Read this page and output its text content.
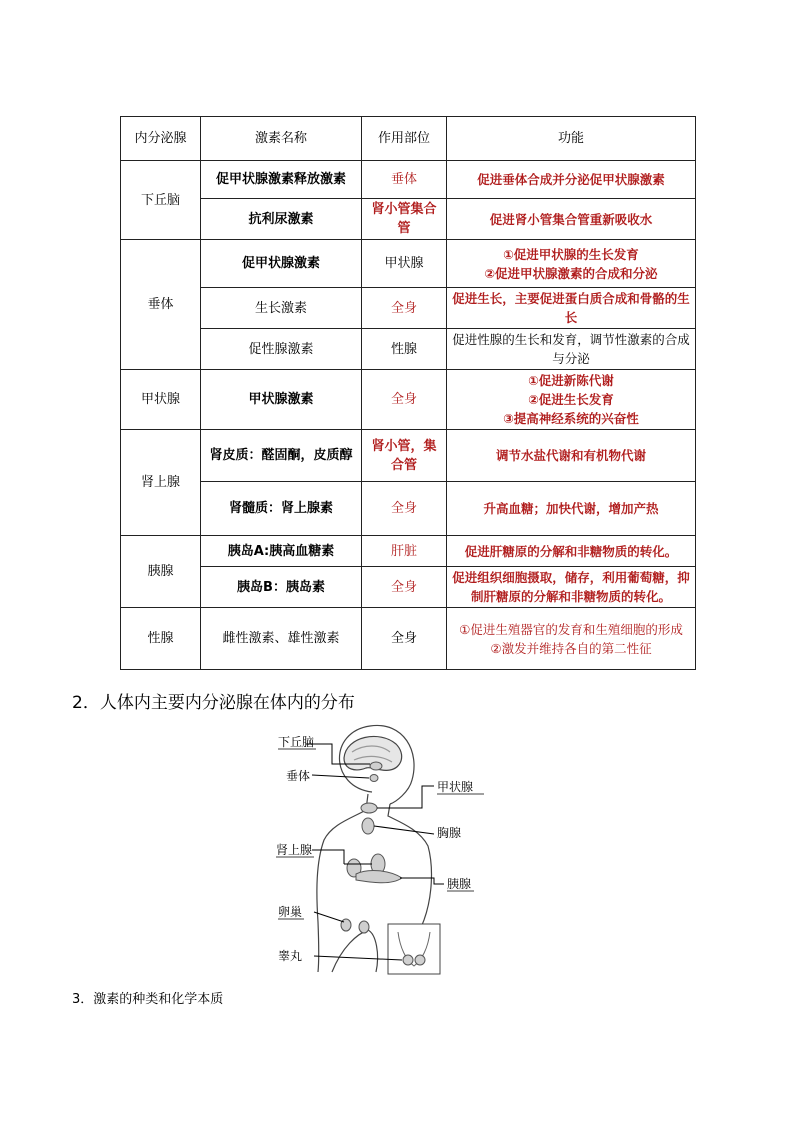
内分泌腺	激素名称	作用部位	功能
下丘脑	促甲状腺激素释放激素	垂体	促进垂体合成并分泌促甲状腺激素
	抗利尿激素	肾小管集合管	促进肾小管集合管重新吸收水
垂体	促甲状腺激素	甲状腺	①促进甲状腺的生长发育
②促进甲状腺激素的合成和分泌

	生长激素	全身	促进生长，主要促进蛋白质合成和骨骼的生长
	促性腺激素	性腺	促进性腺的生长和发育，调节性激素的合成与分泌
甲状腺	甲状腺激素	全身	①促进新陈代谢
②促进生长发育
③提高神经系统的兴奋性

肾上腺	肾皮质：醛固酮，皮质醇	肾小管，集合管	调节水盐代谢和有机物代谢
	肾髓质：肾上腺素	全身	升高血糖；加快代谢，增加产热
胰腺	胰岛A:胰高血糖素	肝脏	促进肝糖原的分解和非糖物质的转化。
	胰岛B：胰岛素	全身	促进组织细胞摄取，储存，利用葡萄糖，抑制肝糖原的分解和非糖物质的转化。
性腺	雌性激素、雄性激素	全身	①促进生殖器官的发育和生殖细胞的形成
②激发并维持各自的第二性征
2．人体内主要内分泌腺在体内的分布
下丘脑
垂体
甲状腺
胸腺
肾上腺
胰腺
卵巢
睾丸
3．激素的种类和化学本质
